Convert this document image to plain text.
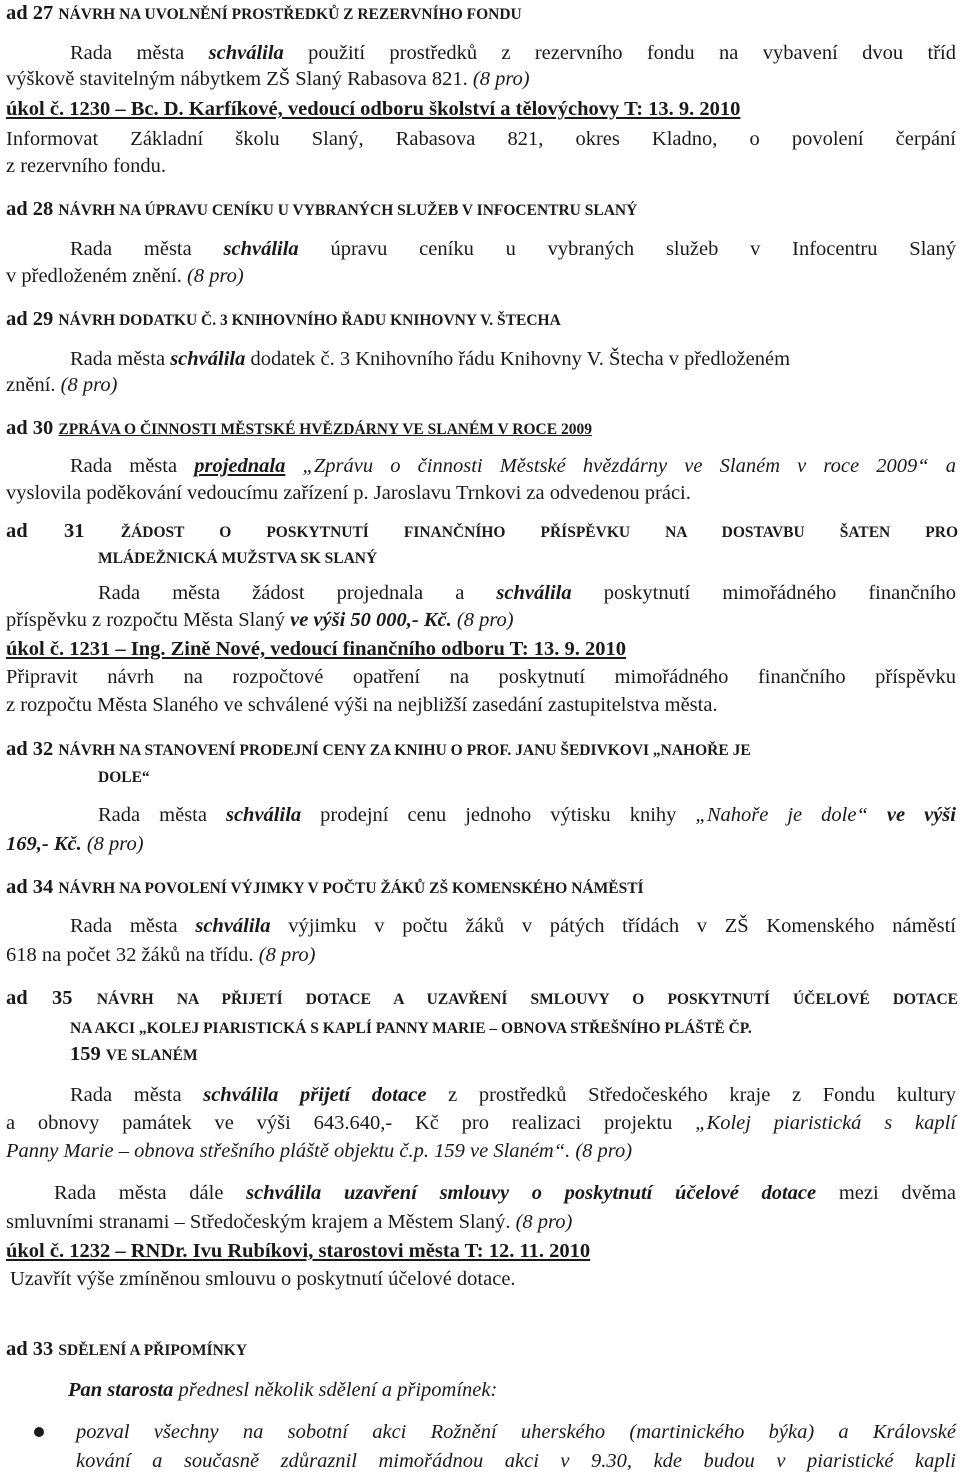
ad 27 NÁVRH NA UVOLNĚNÍ PROSTŘEDKŮ Z REZERVNÍHO FONDU
Rada města schválila použití prostředků z rezervního fondu na vybavení dvou tříd
výškově stavitelným nábytkem ZŠ Slaný Rabasova 821. (8 pro)
úkol č. 1230 – Bc. D. Karfíkové, vedoucí odboru školství a tělovýchovy T: 13. 9. 2010
Informovat Základní školu Slaný, Rabasova 821, okres Kladno, o povolení čerpání
z rezervního fondu.
ad 28 NÁVRH NA ÚPRAVU CENÍKU U VYBRANÝCH SLUŽEB V INFOCENTRU SLANÝ
Rada města schválila úpravu ceníku u vybraných služeb v Infocentru Slaný
v předloženém znění. (8 pro)
ad 29 NÁVRH DODATKU Č. 3 KNIHOVNÍHO ŘADU KNIHOVNY V. ŠTECHA
Rada města schválila dodatek č. 3 Knihovního řádu Knihovny V. Štecha v předloženém
znění. (8 pro)
ad 30 ZPRÁVA O ČINNOSTI MĚSTSKÉ HVĚZDÁRNY VE SLANÉM V ROCE 2009
Rada města projednala „Zprávu o činnosti Městské hvězdárny ve Slaném v roce 2009“ a
vyslovila poděkování vedoucímu zařízení p. Jaroslavu Trnkovi za odvedenou práci.
ad 31 ŽÁDOST O POSKYTNUTÍ FINANČNÍHO PŘÍSPĚVKU NA DOSTAVBU ŠATEN PRO
MLÁDEŽNICKÁ MUŽSTVA SK SLANÝ
Rada města žádost projednala a schválila poskytnutí mimořádného finančního
příspěvku z rozpočtu Města Slaný ve výši 50 000,- Kč. (8 pro)
úkol č. 1231 – Ing. Zině Nové, vedoucí finančního odboru T: 13. 9. 2010
Připravit návrh na rozpočtové opatření na poskytnutí mimořádného finančního příspěvku
z rozpočtu Města Slaného ve schválené výši na nejbližší zasedání zastupitelstva města.
ad 32 NÁVRH NA STANOVENÍ PRODEJNÍ CENY ZA KNIHU O PROF. JANU ŠEDIVKOVI „NAHOŘE JE
DOLE“
Rada města schválila prodejní cenu jednoho výtisku knihy „Nahoře je dole“ ve výši
169,- Kč. (8 pro)
ad 34 NÁVRH NA POVOLENÍ VÝJIMKY V POČTU ŽÁKŮ ZŠ KOMENSKÉHO NÁMĚSTÍ
Rada města schválila výjimku v počtu žáků v pátých třídách v ZŠ Komenského náměstí
618 na počet 32 žáků na třídu. (8 pro)
ad 35 NÁVRH NA PŘIJETÍ DOTACE A UZAVŘENÍ SMLOUVY O POSKYTNUTÍ ÚČELOVÉ DOTACE
NA AKCI „KOLEJ PIARISTICKÁ S KAPLÍ PANNY MARIE – OBNOVA STŘEŠNÍHO PLÁŠTĚ ČP.
159 VE SLANÉM
Rada města schválila přijetí dotace z prostředků Středočeského kraje z Fondu kultury
a obnovy památek ve výši 643.640,- Kč pro realizaci projektu „Kolej piaristická s kaplí
Panny Marie – obnova střešního pláště objektu č.p. 159 ve Slaném“. (8 pro)
Rada města dále schválila uzavření smlouvy o poskytnutí účelové dotace mezi dvěma
smluvními stranami – Středočeským krajem a Městem Slaný. (8 pro)
úkol č. 1232 – RNDr. Ivu Rubíkovi, starostovi města T: 12. 11. 2010
Uzavřít výše zmíněnou smlouvu o poskytnutí účelové dotace.
ad 33 SDĚLENÍ A PŘIPOMÍNKY
Pan starosta přednesl několik sdělení a připomínek:
pozval všechny na sobotní akci Rožnění uherského (martinického býka) a Královské
kování a současně zdůraznil mimořádnou akci v 9.30, kde budou v piaristické kapli
